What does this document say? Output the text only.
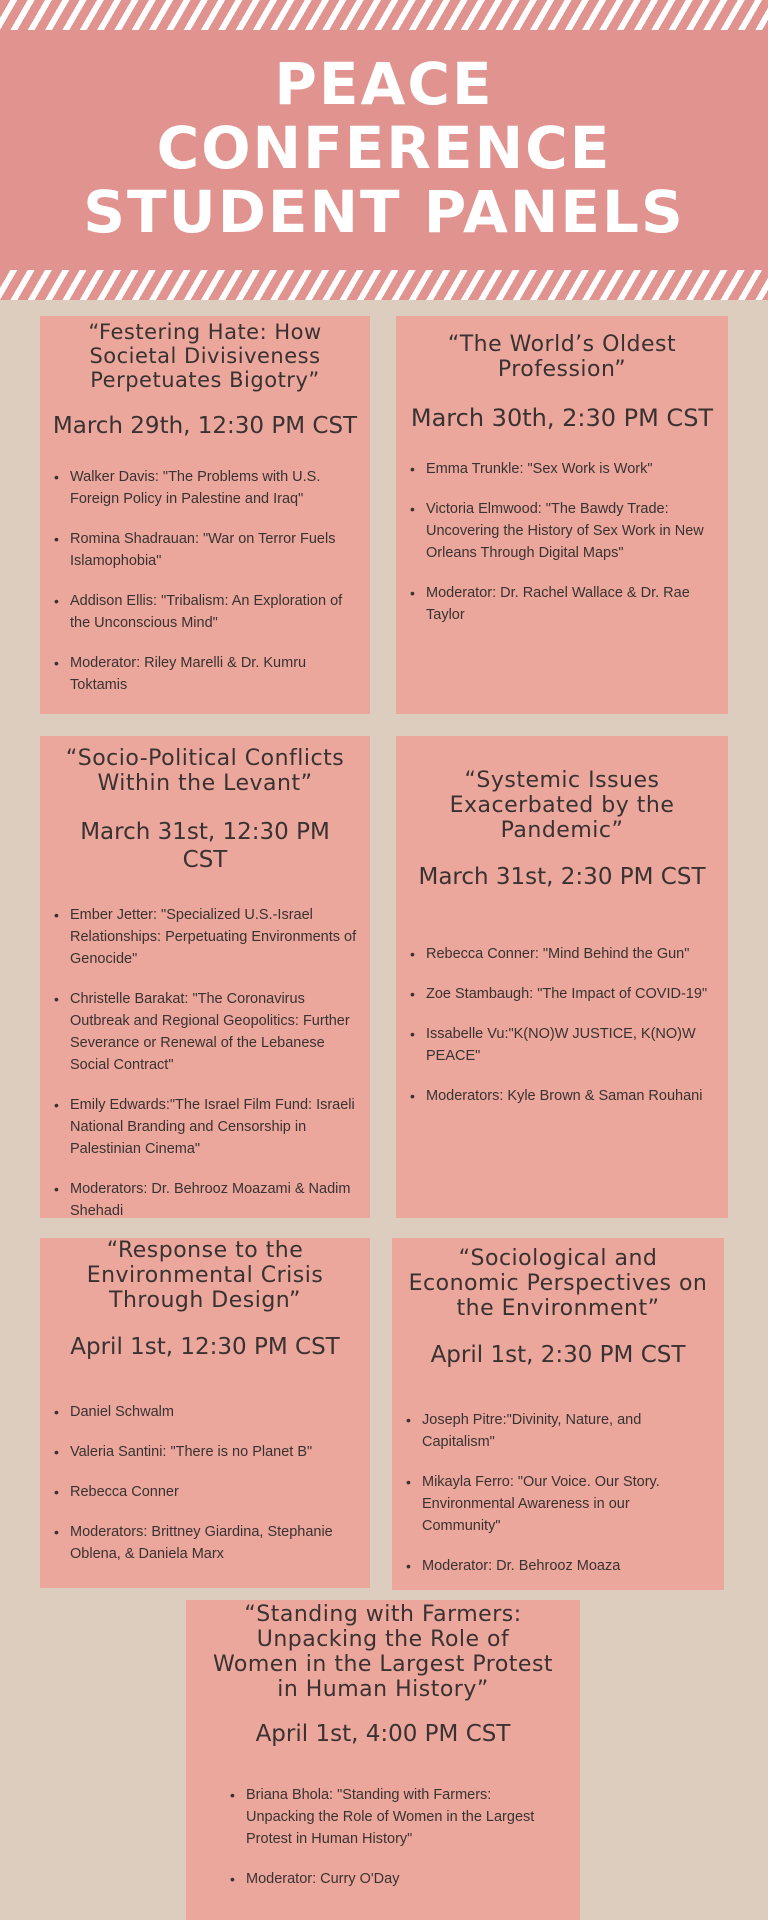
PEACE
CONFERENCE
STUDENT PANELS
“Festering Hate: How Societal Divisiveness Perpetuates Bigotry”
March 29th, 12:30 PM CST
• Walker Davis: "The Problems with U.S. Foreign Policy in Palestine and Iraq"
• Romina Shadrauan: "War on Terror Fuels Islamophobia"
• Addison Ellis: "Tribalism: An Exploration of the Unconscious Mind"
• Moderator: Riley Marelli & Dr. Kumru Toktamis
“The World’s Oldest Profession”
March 30th, 2:30 PM CST
• Emma Trunkle: "Sex Work is Work"
• Victoria Elmwood: "The Bawdy Trade: Uncovering the History of Sex Work in New Orleans Through Digital Maps"
• Moderator: Dr. Rachel Wallace & Dr. Rae Taylor
“Socio-Political Conflicts Within the Levant”
March 31st, 12:30 PM CST
• Ember Jetter: "Specialized U.S.-Israel Relationships: Perpetuating Environments of Genocide"
• Christelle Barakat: "The Coronavirus Outbreak and Regional Geopolitics: Further Severance or Renewal of the Lebanese Social Contract"
• Emily Edwards:"The Israel Film Fund: Israeli National Branding and Censorship in Palestinian Cinema"
• Moderators: Dr. Behrooz Moazami & Nadim Shehadi
“Systemic Issues Exacerbated by the Pandemic”
March 31st, 2:30 PM CST
• Rebecca Conner: "Mind Behind the Gun"
• Zoe Stambaugh: "The Impact of COVID-19"
• Issabelle Vu:"K(NO)W JUSTICE, K(NO)W PEACE"
• Moderators: Kyle Brown & Saman Rouhani
“Response to the Environmental Crisis Through Design”
April 1st, 12:30 PM CST
• Daniel Schwalm
• Valeria Santini: "There is no Planet B"
• Rebecca Conner
• Moderators: Brittney Giardina, Stephanie Oblena, & Daniela Marx
“Sociological and Economic Perspectives on the Environment”
April 1st, 2:30 PM CST
• Joseph Pitre:"Divinity, Nature, and Capitalism"
• Mikayla Ferro: "Our Voice. Our Story. Environmental Awareness in our Community"
• Moderator: Dr. Behrooz Moaza
“Standing with Farmers: Unpacking the Role of Women in the Largest Protest in Human History”
April 1st, 4:00 PM CST
• Briana Bhola: "Standing with Farmers: Unpacking the Role of Women in the Largest Protest in Human History"
• Moderator: Curry O'Day
